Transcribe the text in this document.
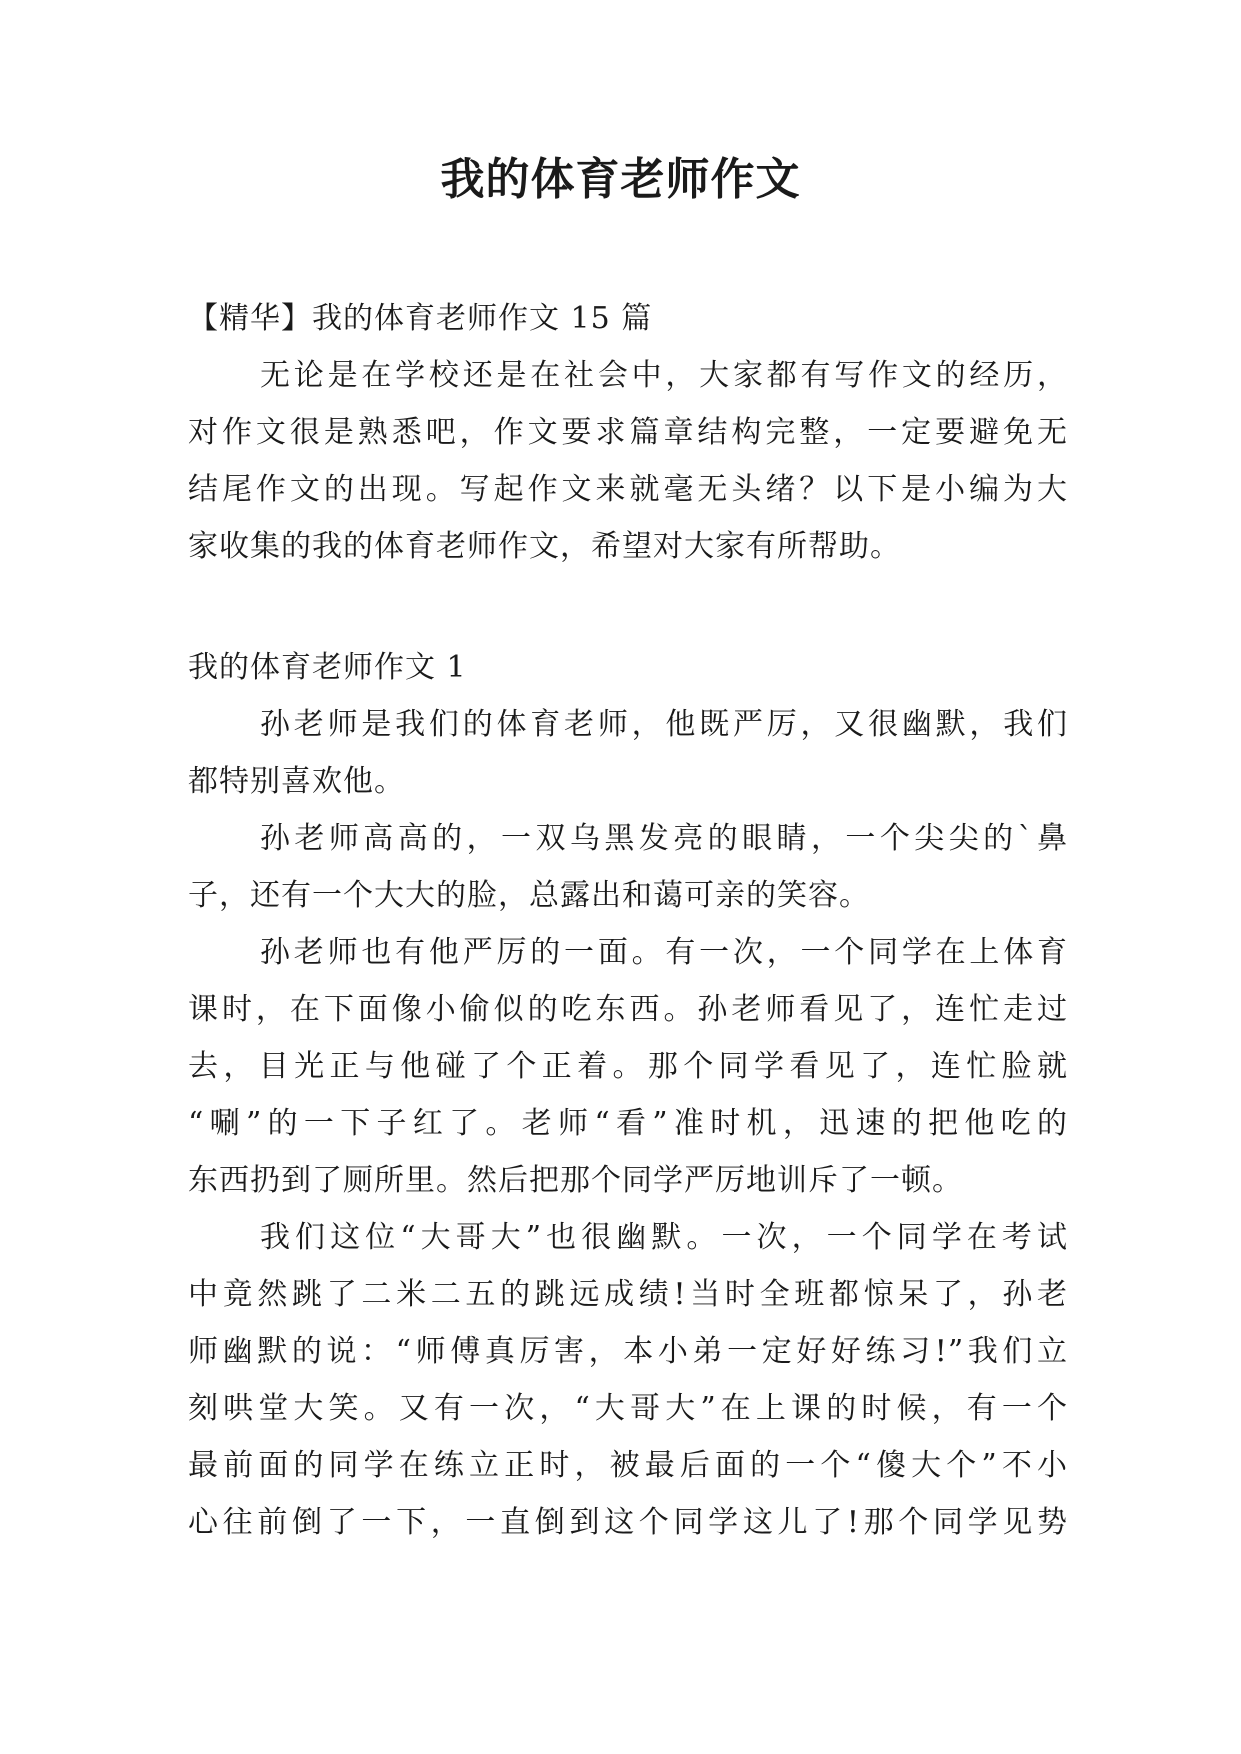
我的体育老师作文
【精华】我的体育老师作文 15 篇
无论是在学校还是在社会中，大家都有写作文的经历，
对作文很是熟悉吧，作文要求篇章结构完整，一定要避免无
结尾作文的出现。写起作文来就毫无头绪？以下是小编为大
家收集的我的体育老师作文，希望对大家有所帮助。
我的体育老师作文 1
孙老师是我们的体育老师，他既严厉，又很幽默，我们
都特别喜欢他。
孙老师高高的，一双乌黑发亮的眼睛，一个尖尖的`鼻
子，还有一个大大的脸，总露出和蔼可亲的笑容。
孙老师也有他严厉的一面。有一次，一个同学在上体育
课时，在下面像小偷似的吃东西。孙老师看见了，连忙走过
去，目光正与他碰了个正着。那个同学看见了，连忙脸就
“唰”的一下子红了。老师“看”准时机，迅速的把他吃的
东西扔到了厕所里。然后把那个同学严厉地训斥了一顿。
我们这位“大哥大”也很幽默。一次，一个同学在考试
中竟然跳了二米二五的跳远成绩!当时全班都惊呆了，孙老
师幽默的说：“师傅真厉害，本小弟一定好好练习!”我们立
刻哄堂大笑。又有一次，“大哥大”在上课的时候，有一个
最前面的同学在练立正时，被最后面的一个“傻大个”不小
心往前倒了一下，一直倒到这个同学这儿了!那个同学见势
